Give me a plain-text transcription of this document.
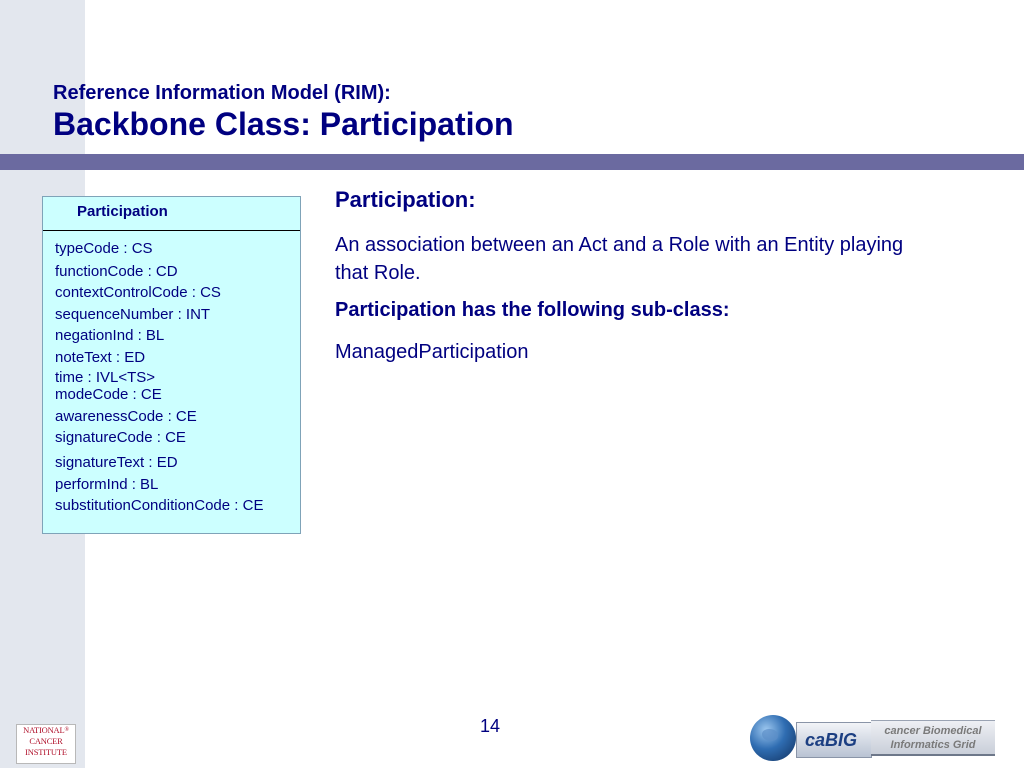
Reference Information Model (RIM):
Backbone Class: Participation
Participation
typeCode : CS
functionCode : CD
contextControlCode : CS
sequenceNumber : INT
negationInd : BL
noteText : ED
time : IVL<TS>
modeCode : CE
awarenessCode : CE
signatureCode : CE
signatureText : ED
performInd : BL
substitutionConditionCode : CE
Participation:
An association between an Act and a Role with an Entity playing that Role.
Participation has the following sub-class:
ManagedParticipation
14
NATIONAL®
CANCER
INSTITUTE
caBIG	cancer Biomedical
Informatics Grid
